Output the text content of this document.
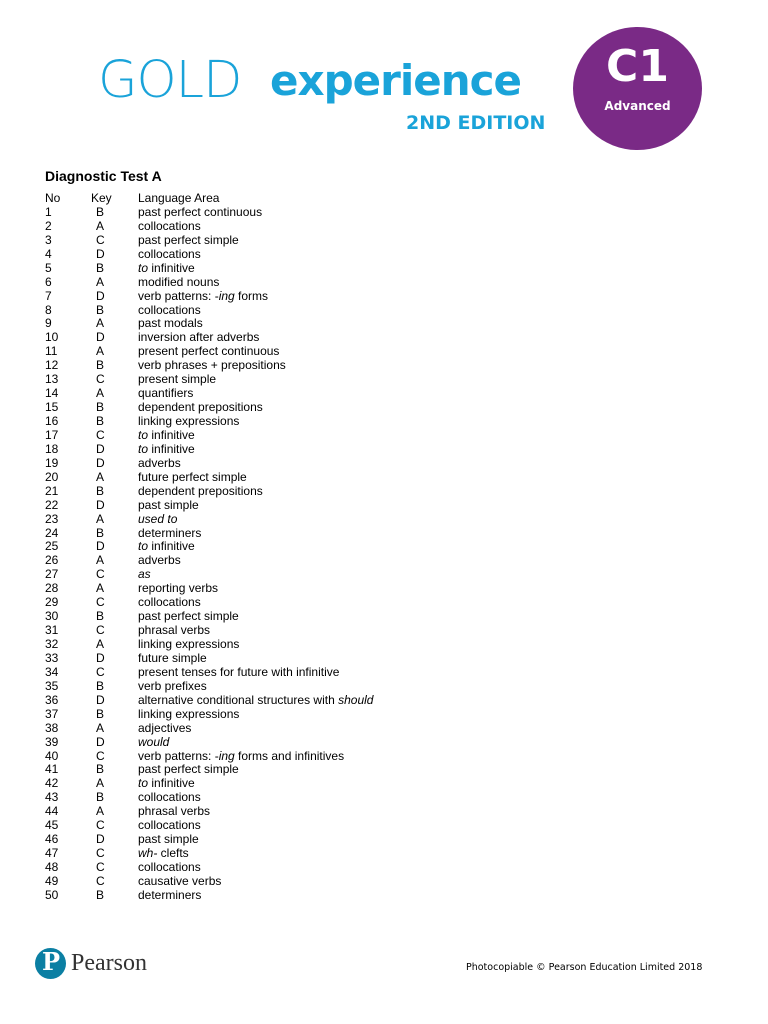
GOLD experience
2ND EDITION
C1
Advanced
Diagnostic Test A
No	Key	Language Area
1	B	past perfect continuous
2	A	collocations
3	C	past perfect simple
4	D	collocations
5	B	to infinitive
6	A	modified nouns
7	D	verb patterns: -ing forms
8	B	collocations
9	A	past modals
10	D	inversion after adverbs
11	A	present perfect continuous
12	B	verb phrases + prepositions
13	C	present simple
14	A	quantifiers
15	B	dependent prepositions
16	B	linking expressions
17	C	to infinitive
18	D	to infinitive
19	D	adverbs
20	A	future perfect simple
21	B	dependent prepositions
22	D	past simple
23	A	used to
24	B	determiners
25	D	to infinitive
26	A	adverbs
27	C	as
28	A	reporting verbs
29	C	collocations
30	B	past perfect simple
31	C	phrasal verbs
32	A	linking expressions
33	D	future simple
34	C	present tenses for future with infinitive
35	B	verb prefixes
36	D	alternative conditional structures with should
37	B	linking expressions
38	A	adjectives
39	D	would
40	C	verb patterns: -ing forms and infinitives
41	B	past perfect simple
42	A	to infinitive
43	B	collocations
44	A	phrasal verbs
45	C	collocations
46	D	past simple
47	C	wh- clefts
48	C	collocations
49	C	causative verbs
50	B	determiners
P Pearson	Photocopiable © Pearson Education Limited 2018
